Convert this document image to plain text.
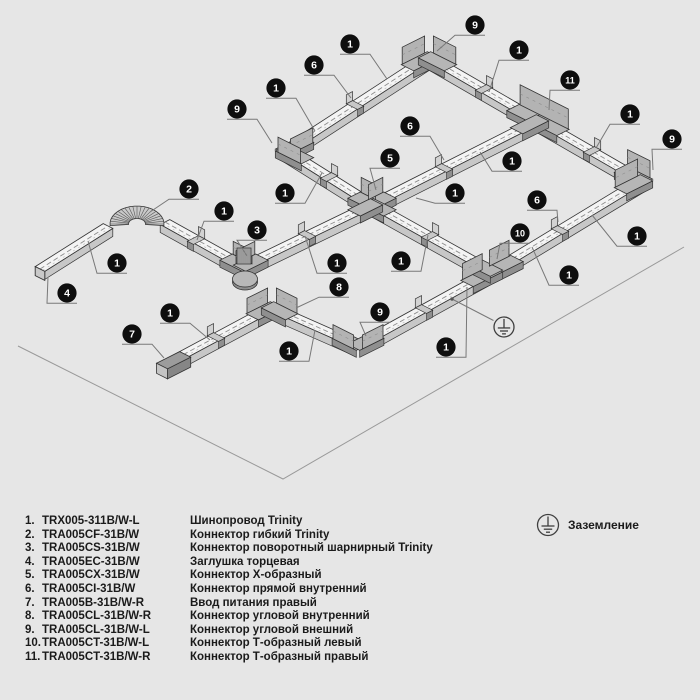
9
1
6
1
9
1
11
1
9
6
5	1
1
6
10	1
1
1
9
1
8
1
7
1
4
2
1
3
1
1
1
1. TRX005-311B/W-L	Шинопровод Trinity
2. TRA005CF-31B/W	Коннектор гибкий Trinity
3. TRA005CS-31B/W	Коннектор поворотный шарнирный Trinity
4. TRA005EC-31B/W	Заглушка торцевая
5. TRA005CX-31B/W	Коннектор X-образный
6. TRA005CI-31B/W	Коннектор прямой внутренний
7. TRA005B-31B/W-R	Ввод питания правый
8. TRA005CL-31B/W-R	Коннектор угловой внутренний
9. TRA005CL-31B/W-L	Коннектор угловой внешний
10. TRA005CT-31B/W-L	Коннектор Т-образный левый
11. TRA005CT-31B/W-R	Коннектор Т-образный правый
Заземление
